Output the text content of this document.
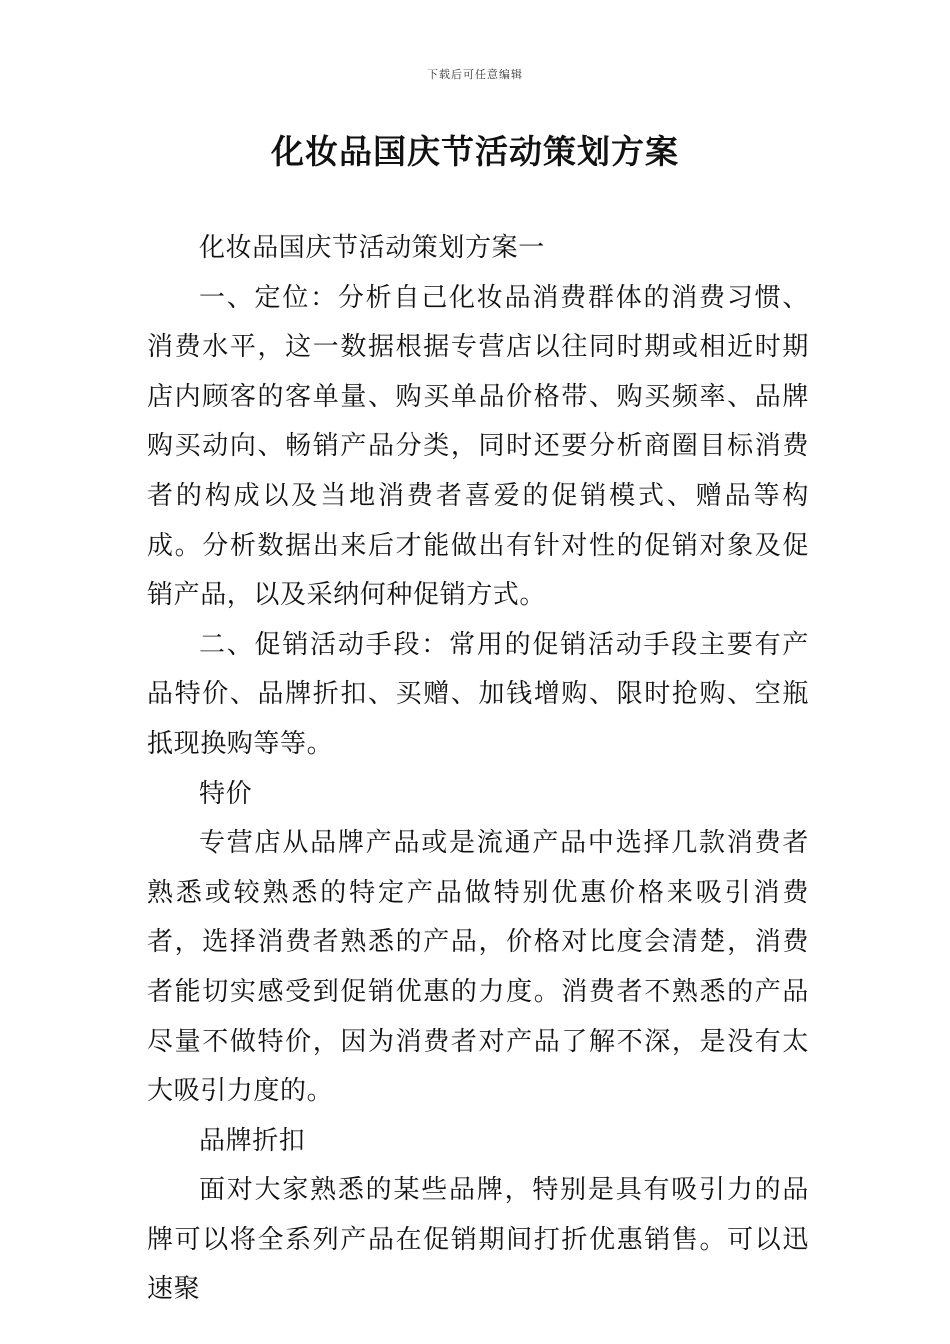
下载后可任意编辑
化妆品国庆节活动策划方案

化妆品国庆节活动策划方案一

一、定位：分析自己化妆品消费群体的消费习惯、消费水平，这一数据根据专营店以往同时期或相近时期店内顾客的客单量、购买单品价格带、购买频率、品牌购买动向、畅销产品分类，同时还要分析商圈目标消费者的构成以及当地消费者喜爱的促销模式、赠品等构成。分析数据出来后才能做出有针对性的促销对象及促销产品，以及采纳何种促销方式。

二、促销活动手段：常用的促销活动手段主要有产品特价、品牌折扣、买赠、加钱增购、限时抢购、空瓶抵现换购等等。

特价

专营店从品牌产品或是流通产品中选择几款消费者熟悉或较熟悉的特定产品做特别优惠价格来吸引消费者，选择消费者熟悉的产品，价格对比度会清楚，消费者能切实感受到促销优惠的力度。消费者不熟悉的产品尽量不做特价，因为消费者对产品了解不深，是没有太大吸引力度的。

品牌折扣

面对大家熟悉的某些品牌，特别是具有吸引力的品牌可以将全系列产品在促销期间打折优惠销售。可以迅速聚
